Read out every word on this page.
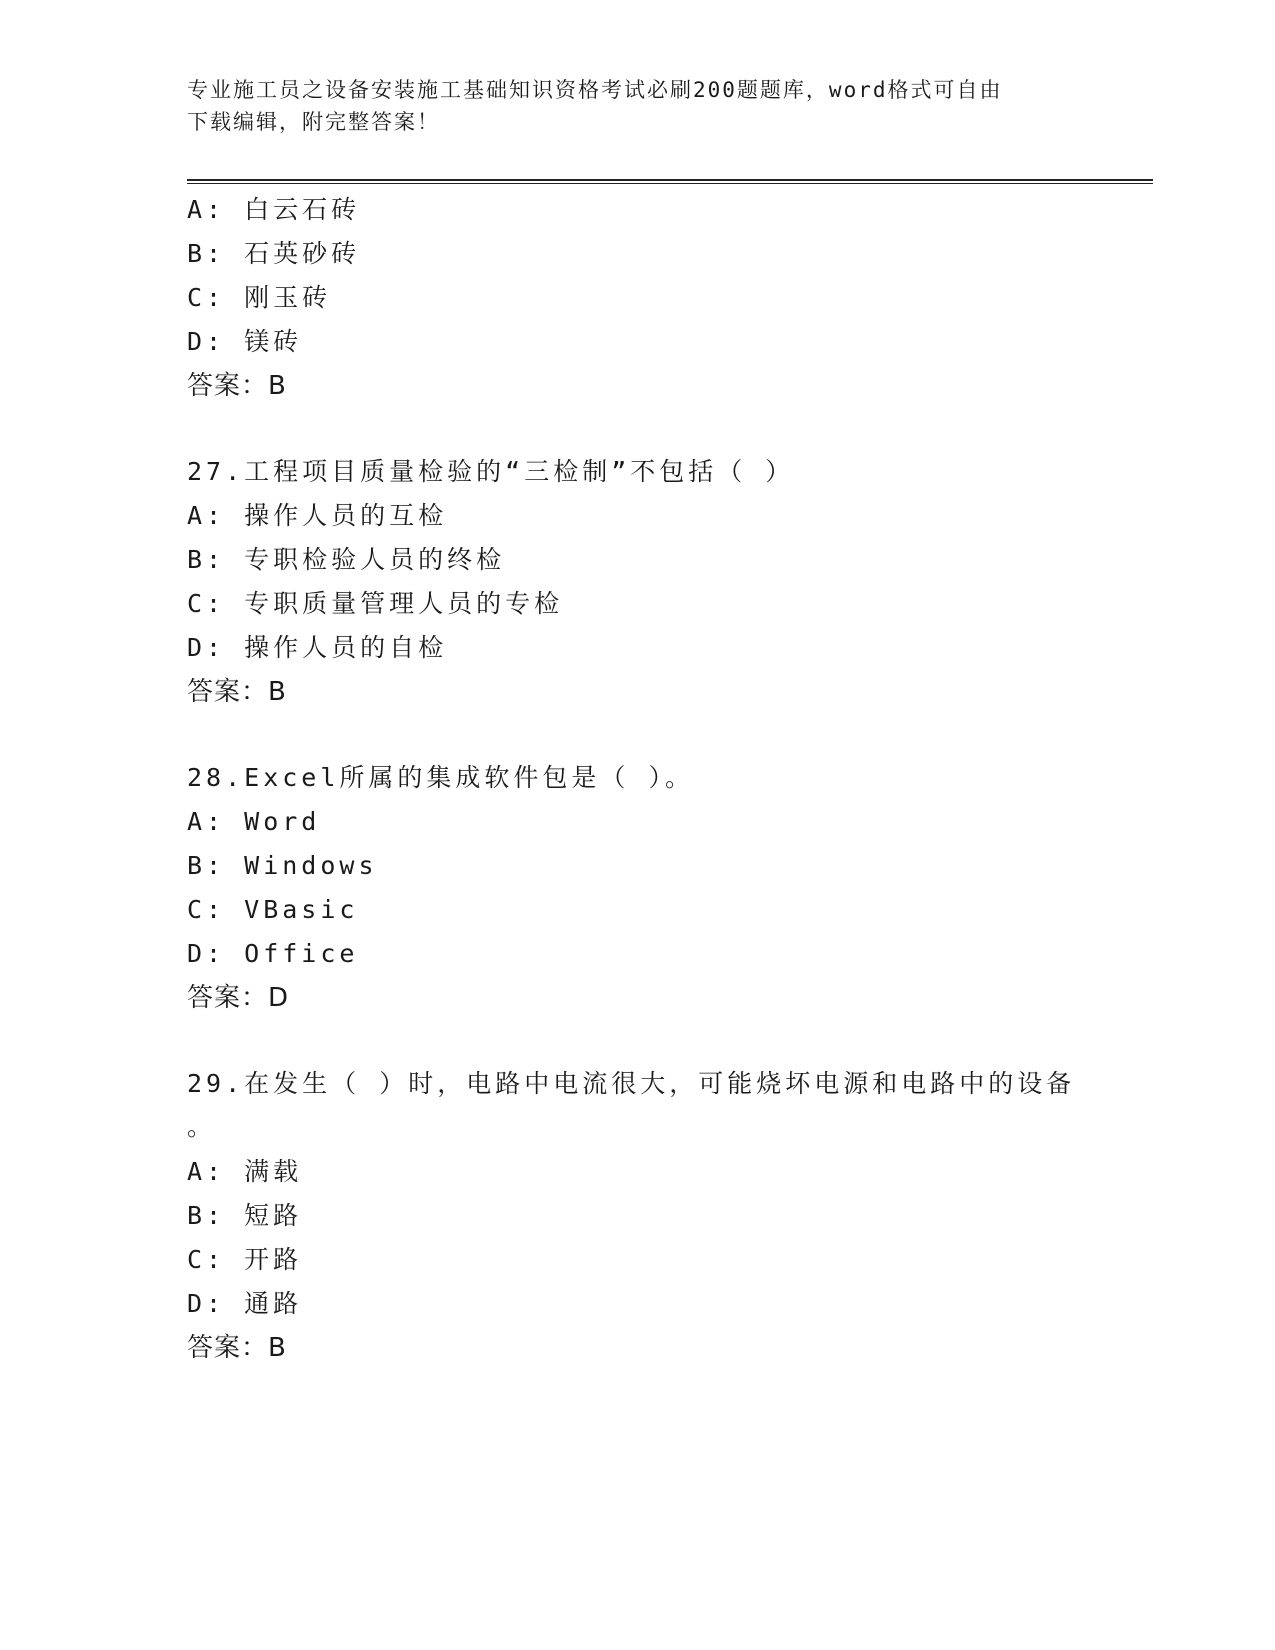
专业施工员之设备安装施工基础知识资格考试必刷200题题库，word格式可自由
下载编辑，附完整答案！
A: 白云石砖
B: 石英砂砖
C: 刚玉砖
D: 镁砖
答案：B
27.工程项目质量检验的“三检制”不包括（ ）
A: 操作人员的互检
B: 专职检验人员的终检
C: 专职质量管理人员的专检
D: 操作人员的自检
答案：B
28.Excel所属的集成软件包是（ ）。
A: Word
B: Windows
C: VBasic
D: Office
答案：D
29.在发生（ ）时，电路中电流很大，可能烧坏电源和电路中的设备
。
A: 满载
B: 短路
C: 开路
D: 通路
答案：B
